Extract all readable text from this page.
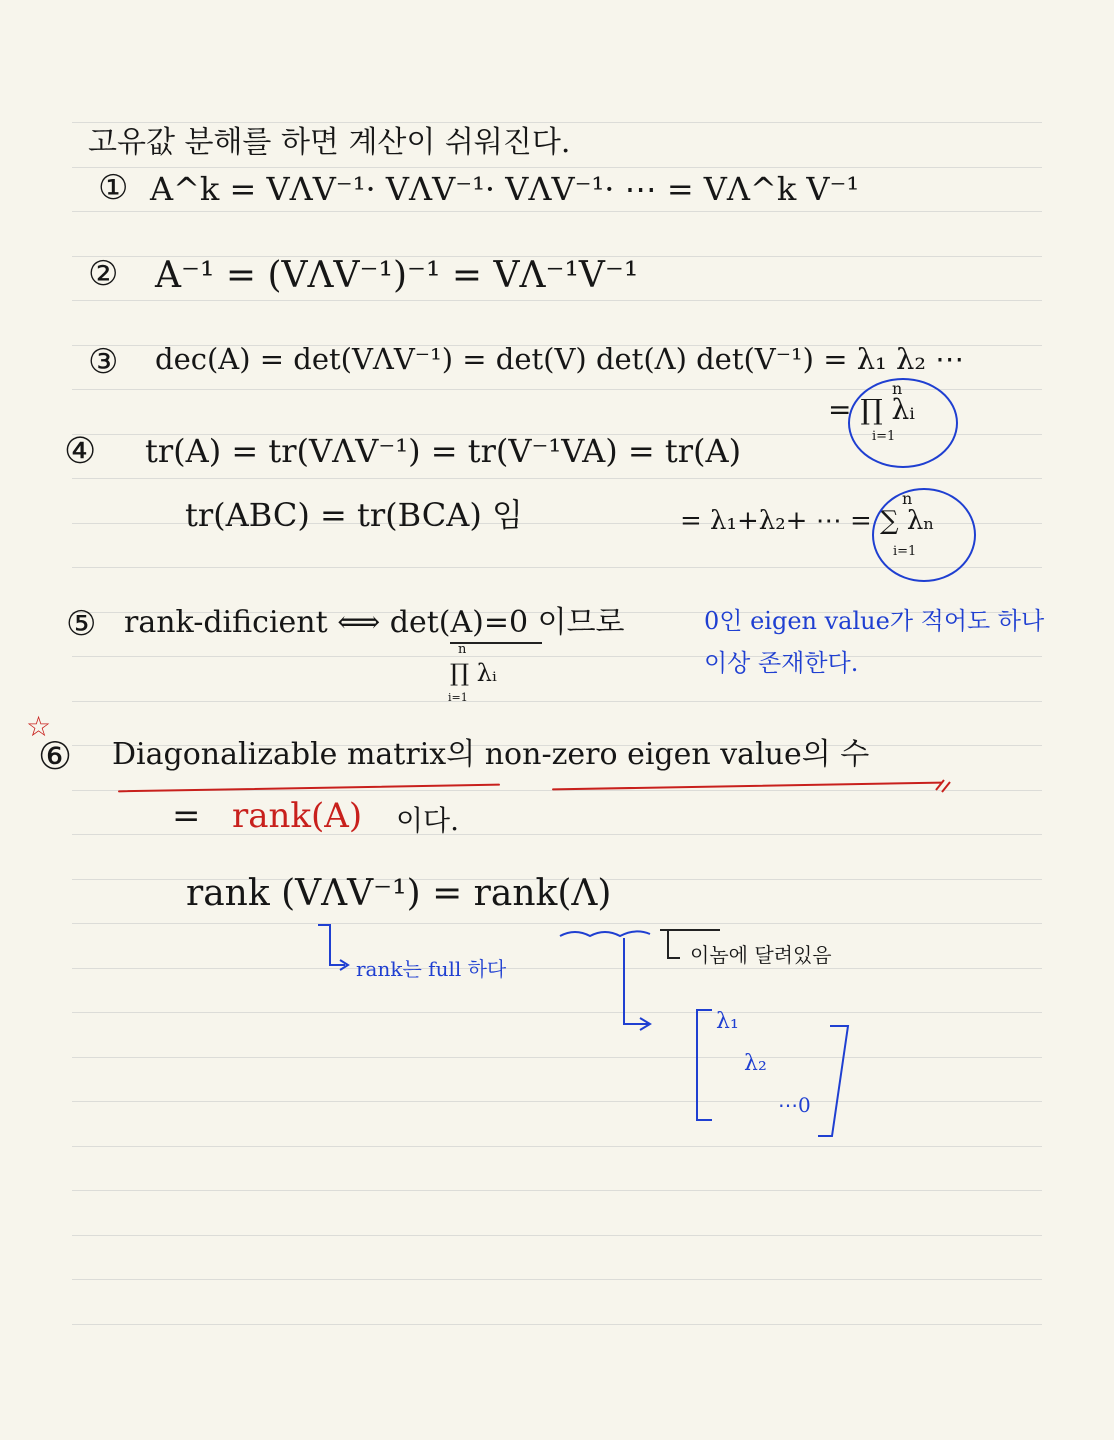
고유값 분해를 하면 계산이 쉬워진다.
① A^k = VΛV⁻¹· VΛV⁻¹· VΛV⁻¹· ⋯ = VΛ^k V⁻¹
② A⁻¹ = (VΛV⁻¹)⁻¹ = VΛ⁻¹V⁻¹
③ dec(A) = det(VΛV⁻¹) = det(V) det(Λ) det(V⁻¹) = λ₁ λ₂ ⋯
n
= ∏ λᵢ
i=1
④ tr(A) = tr(VΛV⁻¹) = tr(V⁻¹VA) = tr(A)
tr(ABC) = tr(BCA) 임	n
= λ₁+λ₂+ ⋯ = ∑ λₙ
i=1
⑤ rank-dificient ⟺ det(A)=0 이므로
n
∏ λᵢ
i=1
0인 eigen value가 적어도 하나
이상 존재한다.
☆
⑥ Diagonalizable matrix의 non-zero eigen value의 수
= rank(A) 이다.
rank (VΛV⁻¹) = rank(Λ)
rank는 full 하다
이놈에 달려있음
λ₁
λ₂
⋯0
